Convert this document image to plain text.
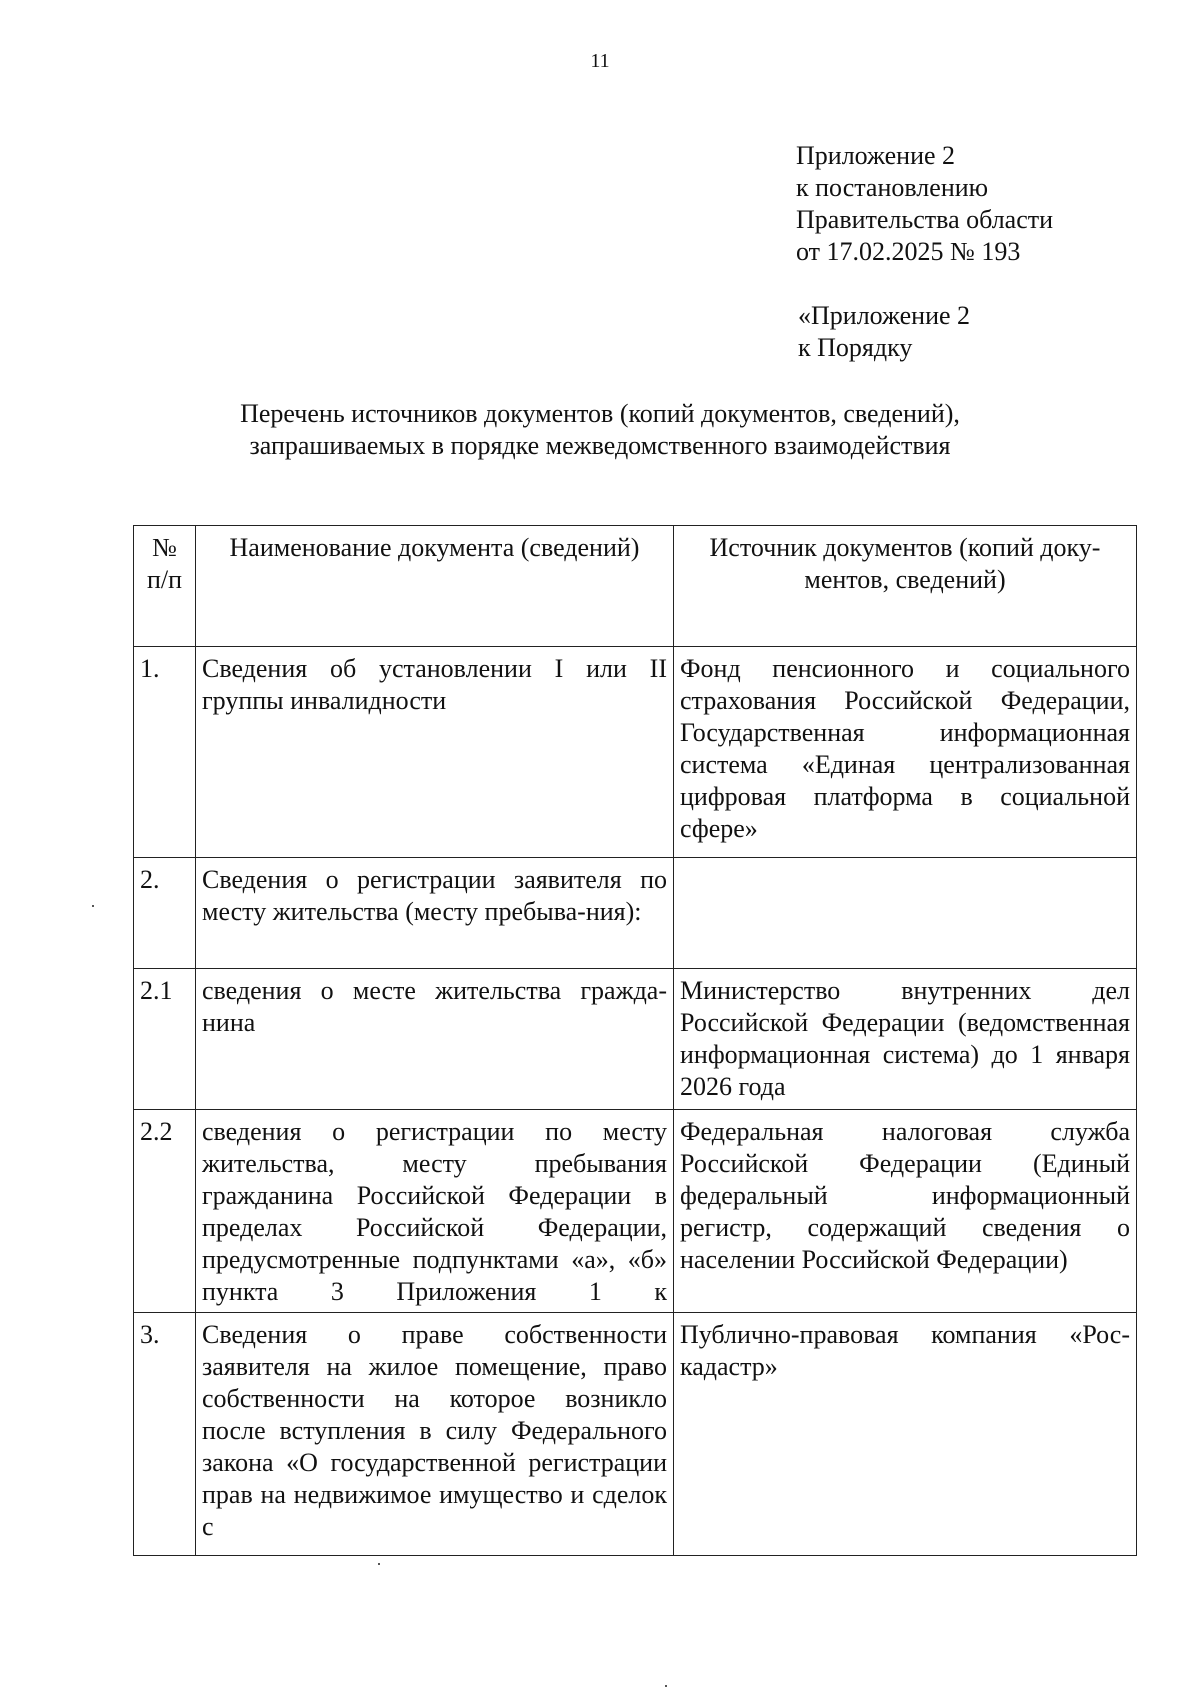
11
Приложение 2
к постановлению
Правительства области
от 17.02.2025 № 193
«Приложение 2
к Порядку
Перечень источников документов (копий документов, сведений),
запрашиваемых в порядке межведомственного взаимодействия
№ п/п	Наименование документа (сведений)	Источник документов (копий доку-ментов, сведений)
1.	Сведения об установлении I или II группы инвалидности	Фонд пенсионного и социального страхования Российской Федерации, Государственная информационная система «Единая централизованная цифровая платформа в социальной сфере»
2.	Сведения о регистрации заявителя по месту жительства (месту пребыва-ния):	
2.1	сведения о месте жительства гражда-нина	Министерство внутренних дел Российской Федерации (ведомственная информационная система) до 1 января 2026 года
2.2	сведения о регистрации по месту жительства, месту пребывания гражданина Российской Федерации в пределах Российской Федерации, предусмотренные подпунктами «а», «б» пункта 3 Приложения 1 к	Федеральная налоговая служба Российской Федерации (Единый федеральный информационный регистр, содержащий сведения о населении Российской Федерации)
3.	Сведения о праве собственности заявителя на жилое помещение, право собственности на которое возникло после вступления в силу Федерального закона «О государственной регистрации прав на недвижимое имущество и сделок с	Публично-правовая компания «Рос-кадастр»
